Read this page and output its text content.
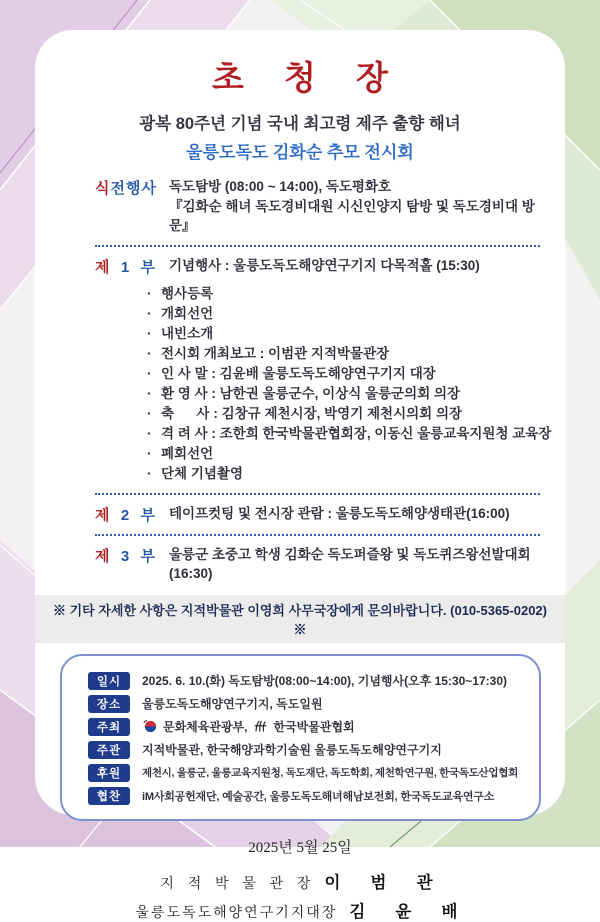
초 청 장
광복 80주년 기념 국내 최고령 제주 출향 해녀
울릉도독도 김화순 추모 전시회
식전행사 독도탐방 (08:00 ~ 14:00), 독도평화호
『김화순 해녀 독도경비대원 시신인양지 탐방 및 독도경비대 방문』
제  1  부 기념행사 : 울릉도독도해양연구기지 다목적홀 (15:30)
· 행사등록
· 개회선언
· 내빈소개
· 전시회 개최보고 : 이범관 지적박물관장
· 인 사 말 : 김윤배 울릉도독도해양연구기지 대장
· 환 영 사 : 남한권 울릉군수, 이상식 울릉군의회 의장
· 축      사 : 김창규 제천시장, 박영기 제천시의회 의장
· 격 려 사 : 조한희 한국박물관협회장, 이동신 울릉교육지원청 교육장
· 폐회선언
· 단체 기념촬영
제  2  부 테이프컷팅 및 전시장 관람 : 울릉도독도해양생태관(16:00)
제  3  부 울릉군 초중고 학생 김화순 독도퍼즐왕 및 독도퀴즈왕선발대회(16:30)
※ 기타 자세한 사항은 지적박물관 이영희 사무국장에게 문의바랍니다. (010-5365-0202) ※
일시	2025. 6. 10.(화) 독도탐방(08:00~14:00), 기념행사(오후 15:30~17:30)
장소	울릉도독도해양연구기지, 독도일원
주최	문화체육관광부, 한국박물관협회
주관	지적박물관, 한국해양과학기술원 울릉도독도해양연구기지
후원	제천시, 울릉군, 울릉교육지원청, 독도재단, 독도학회, 제천학연구원, 한국독도산업협회
협찬	iM사회공헌재단, 예술공간, 울릉도독도해녀해남보전회, 한국독도교육연구소
2025년 5월 25일
지  적  박  물  관  장 이  범  관
울릉도독도해양연구기지대장 김  윤  배
